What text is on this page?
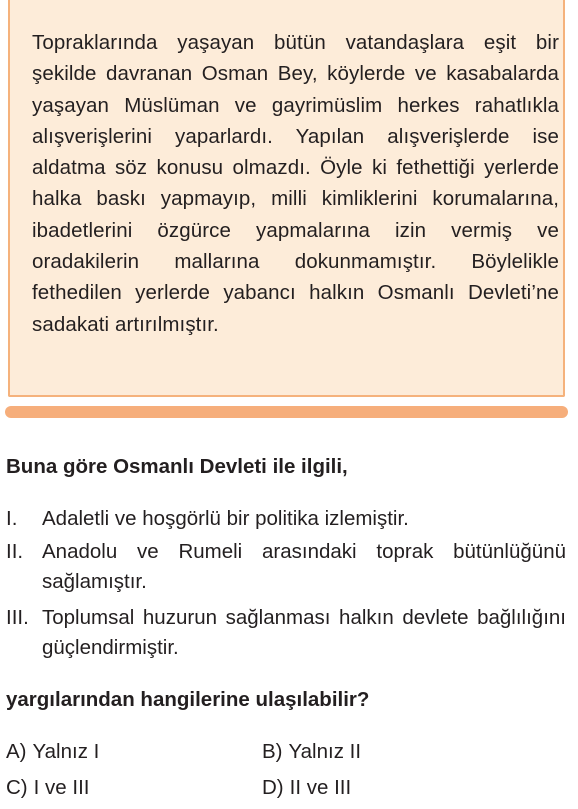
Topraklarında yaşayan bütün vatandaşlara eşit bir şekilde davranan Osman Bey, köylerde ve kasabalarda yaşayan Müslüman ve gayrimüslim herkes rahatlıkla alışverişlerini yaparlardı. Yapılan alışverişlerde ise aldatma söz konusu olmazdı. Öyle ki fethettiği yerlerde halka baskı yapmayıp, milli kimliklerini korumalarına, ibadetlerini özgürce yapmalarına izin vermiş ve oradakilerin mallarına dokunmamıştır. Böylelikle fethedilen yerlerde yabancı halkın Osmanlı Devleti’ne sadakati artırılmıştır.
Buna göre Osmanlı Devleti ile ilgili,
I. Adaletli ve hoşgörlü bir politika izlemiştir.
II. Anadolu ve Rumeli arasındaki toprak bütünlüğünü sağlamıştır.
III. Toplumsal huzurun sağlanması halkın devlete bağlılığını güçlendirmiştir.
yargılarından hangilerine ulaşılabilir?
A) Yalnız I	B) Yalnız II
C) I ve III	D) II ve III
